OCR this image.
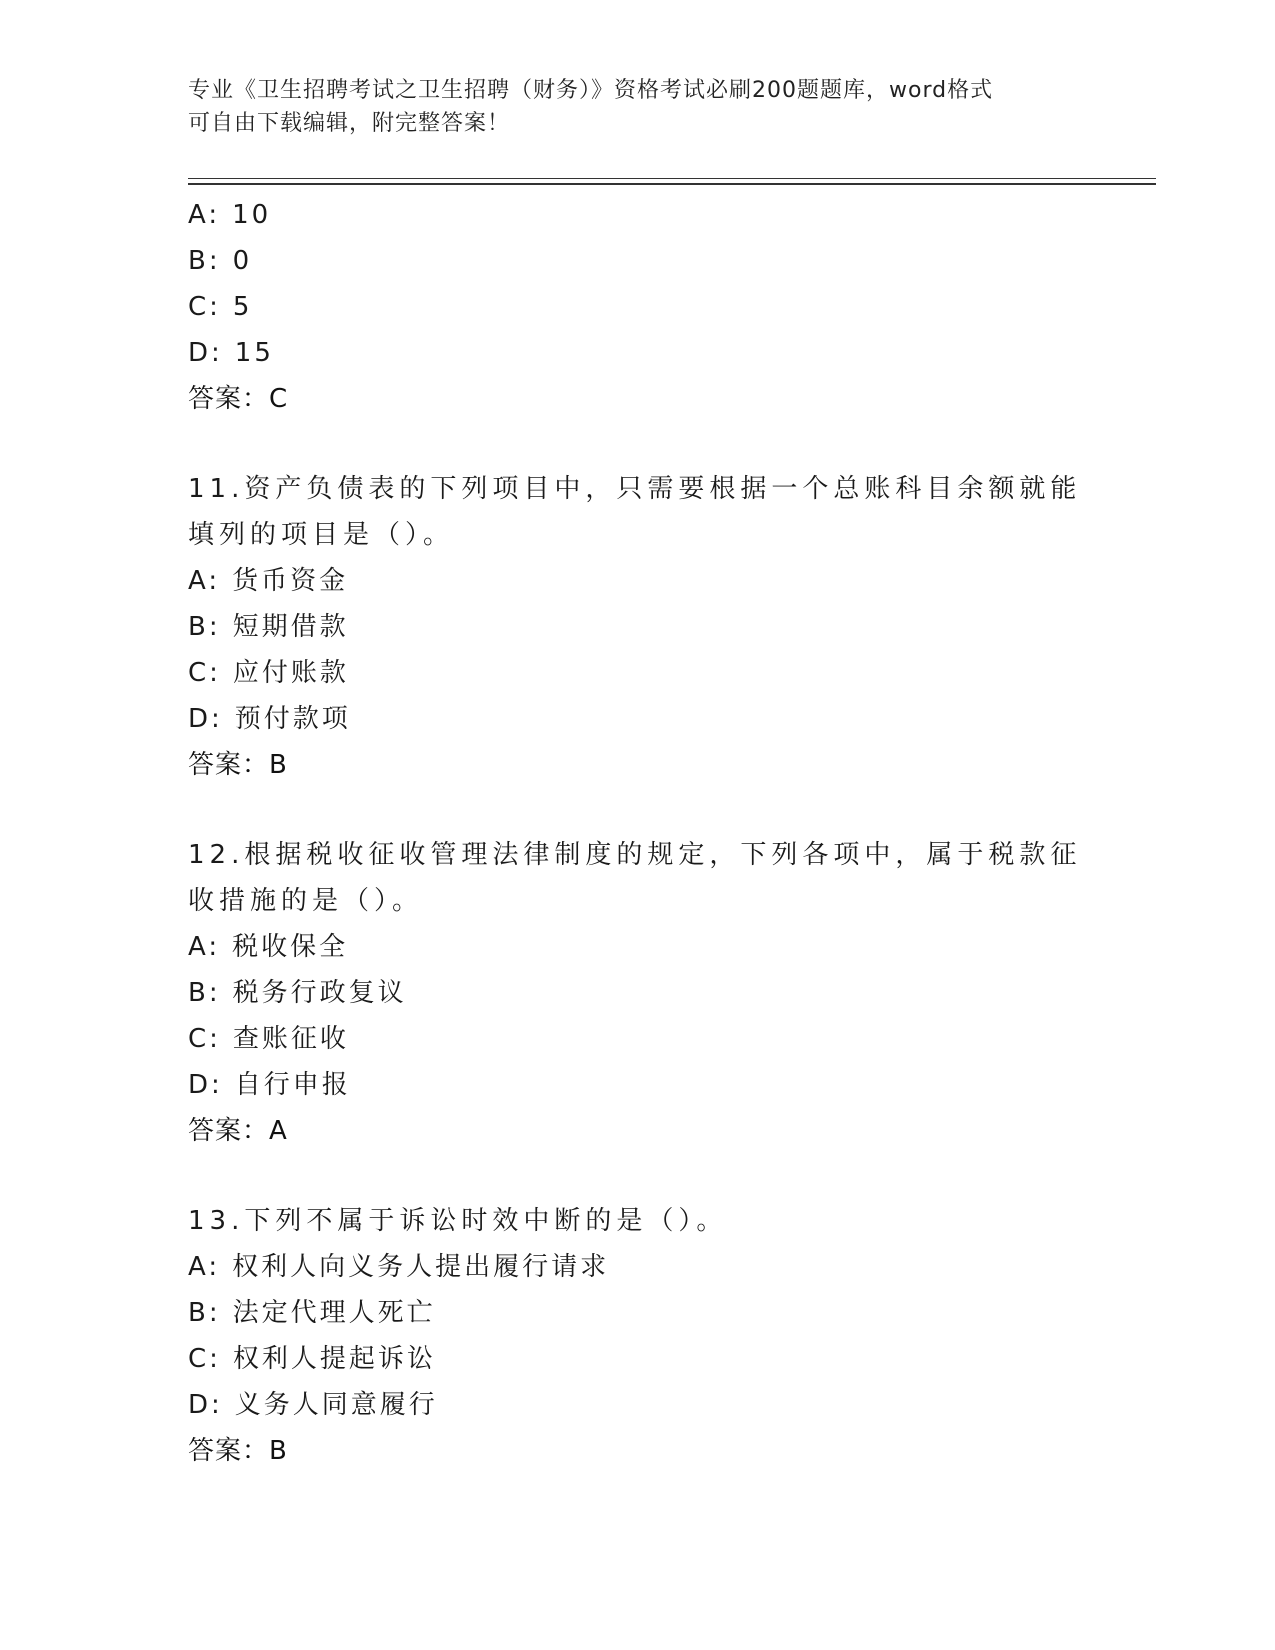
专业《卫生招聘考试之卫生招聘（财务）》资格考试必刷200题题库，word格式
可自由下载编辑，附完整答案！
A: 10
B: 0
C: 5
D: 15
答案：C
11.资产负债表的下列项目中，只需要根据一个总账科目余额就能填列的项目是（）。
A: 货币资金
B: 短期借款
C: 应付账款
D: 预付款项
答案：B
12.根据税收征收管理法律制度的规定，下列各项中，属于税款征收措施的是（）。
A: 税收保全
B: 税务行政复议
C: 查账征收
D: 自行申报
答案：A
13.下列不属于诉讼时效中断的是（）。
A: 权利人向义务人提出履行请求
B: 法定代理人死亡
C: 权利人提起诉讼
D: 义务人同意履行
答案：B
